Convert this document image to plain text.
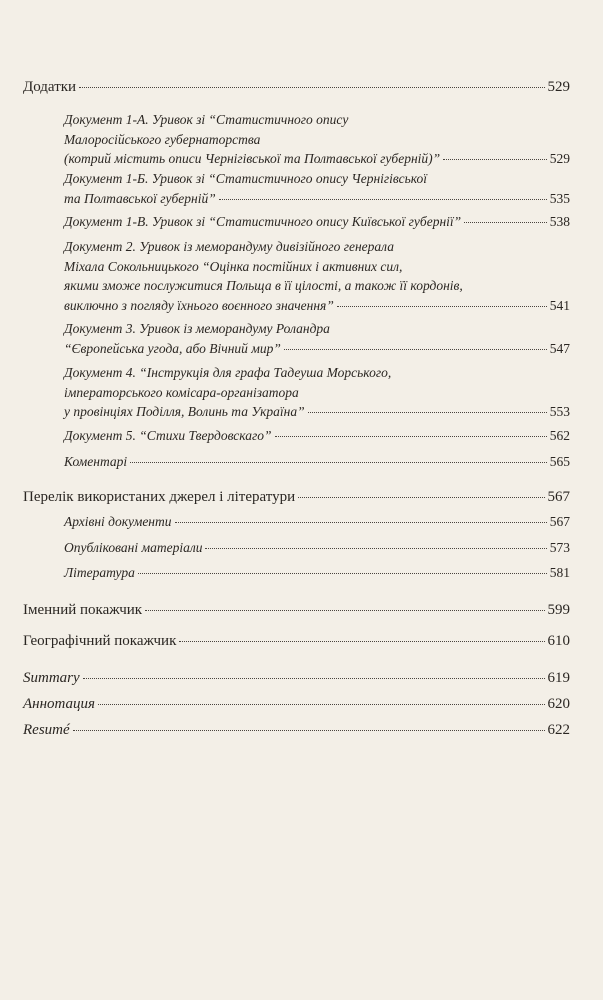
Додатки	529
Документ 1-А. Уривок зі “Статистичного опису
Малоросійського губернаторства
(котрий містить описи Чернігівської та Полтавської губерній)”	529
Документ 1-Б. Уривок зі “Статистичного опису Чернігівської
та Полтавської губерній”	535
Документ 1-В. Уривок зі “Статистичного опису Київської губернії”	538
Документ 2. Уривок із меморандуму дивізійного генерала
Міхала Сокольницького “Оцінка постійних і активних сил,
якими зможе послужитися Польща в її цілості, а також її кордонів,
виключно з погляду їхнього воєнного значення”	541
Документ 3. Уривок із меморандуму Роландра
“Європейська угода, або Вічний мир”	547
Документ 4. “Інструкція для графа Тадеуша Морського,
імператорського комісара-організатора
у провінціях Поділля, Волинь та Україна”	553
Документ 5. “Стихи Твердовскаго”	562
Коментарі	565
Перелік використаних джерел і літератури	567
Архівні документи	567
Опубліковані матеріали	573
Література	581
Іменний покажчик	599
Географічний покажчик	610
Summary	619
Аннотация	620
Resumé	622
